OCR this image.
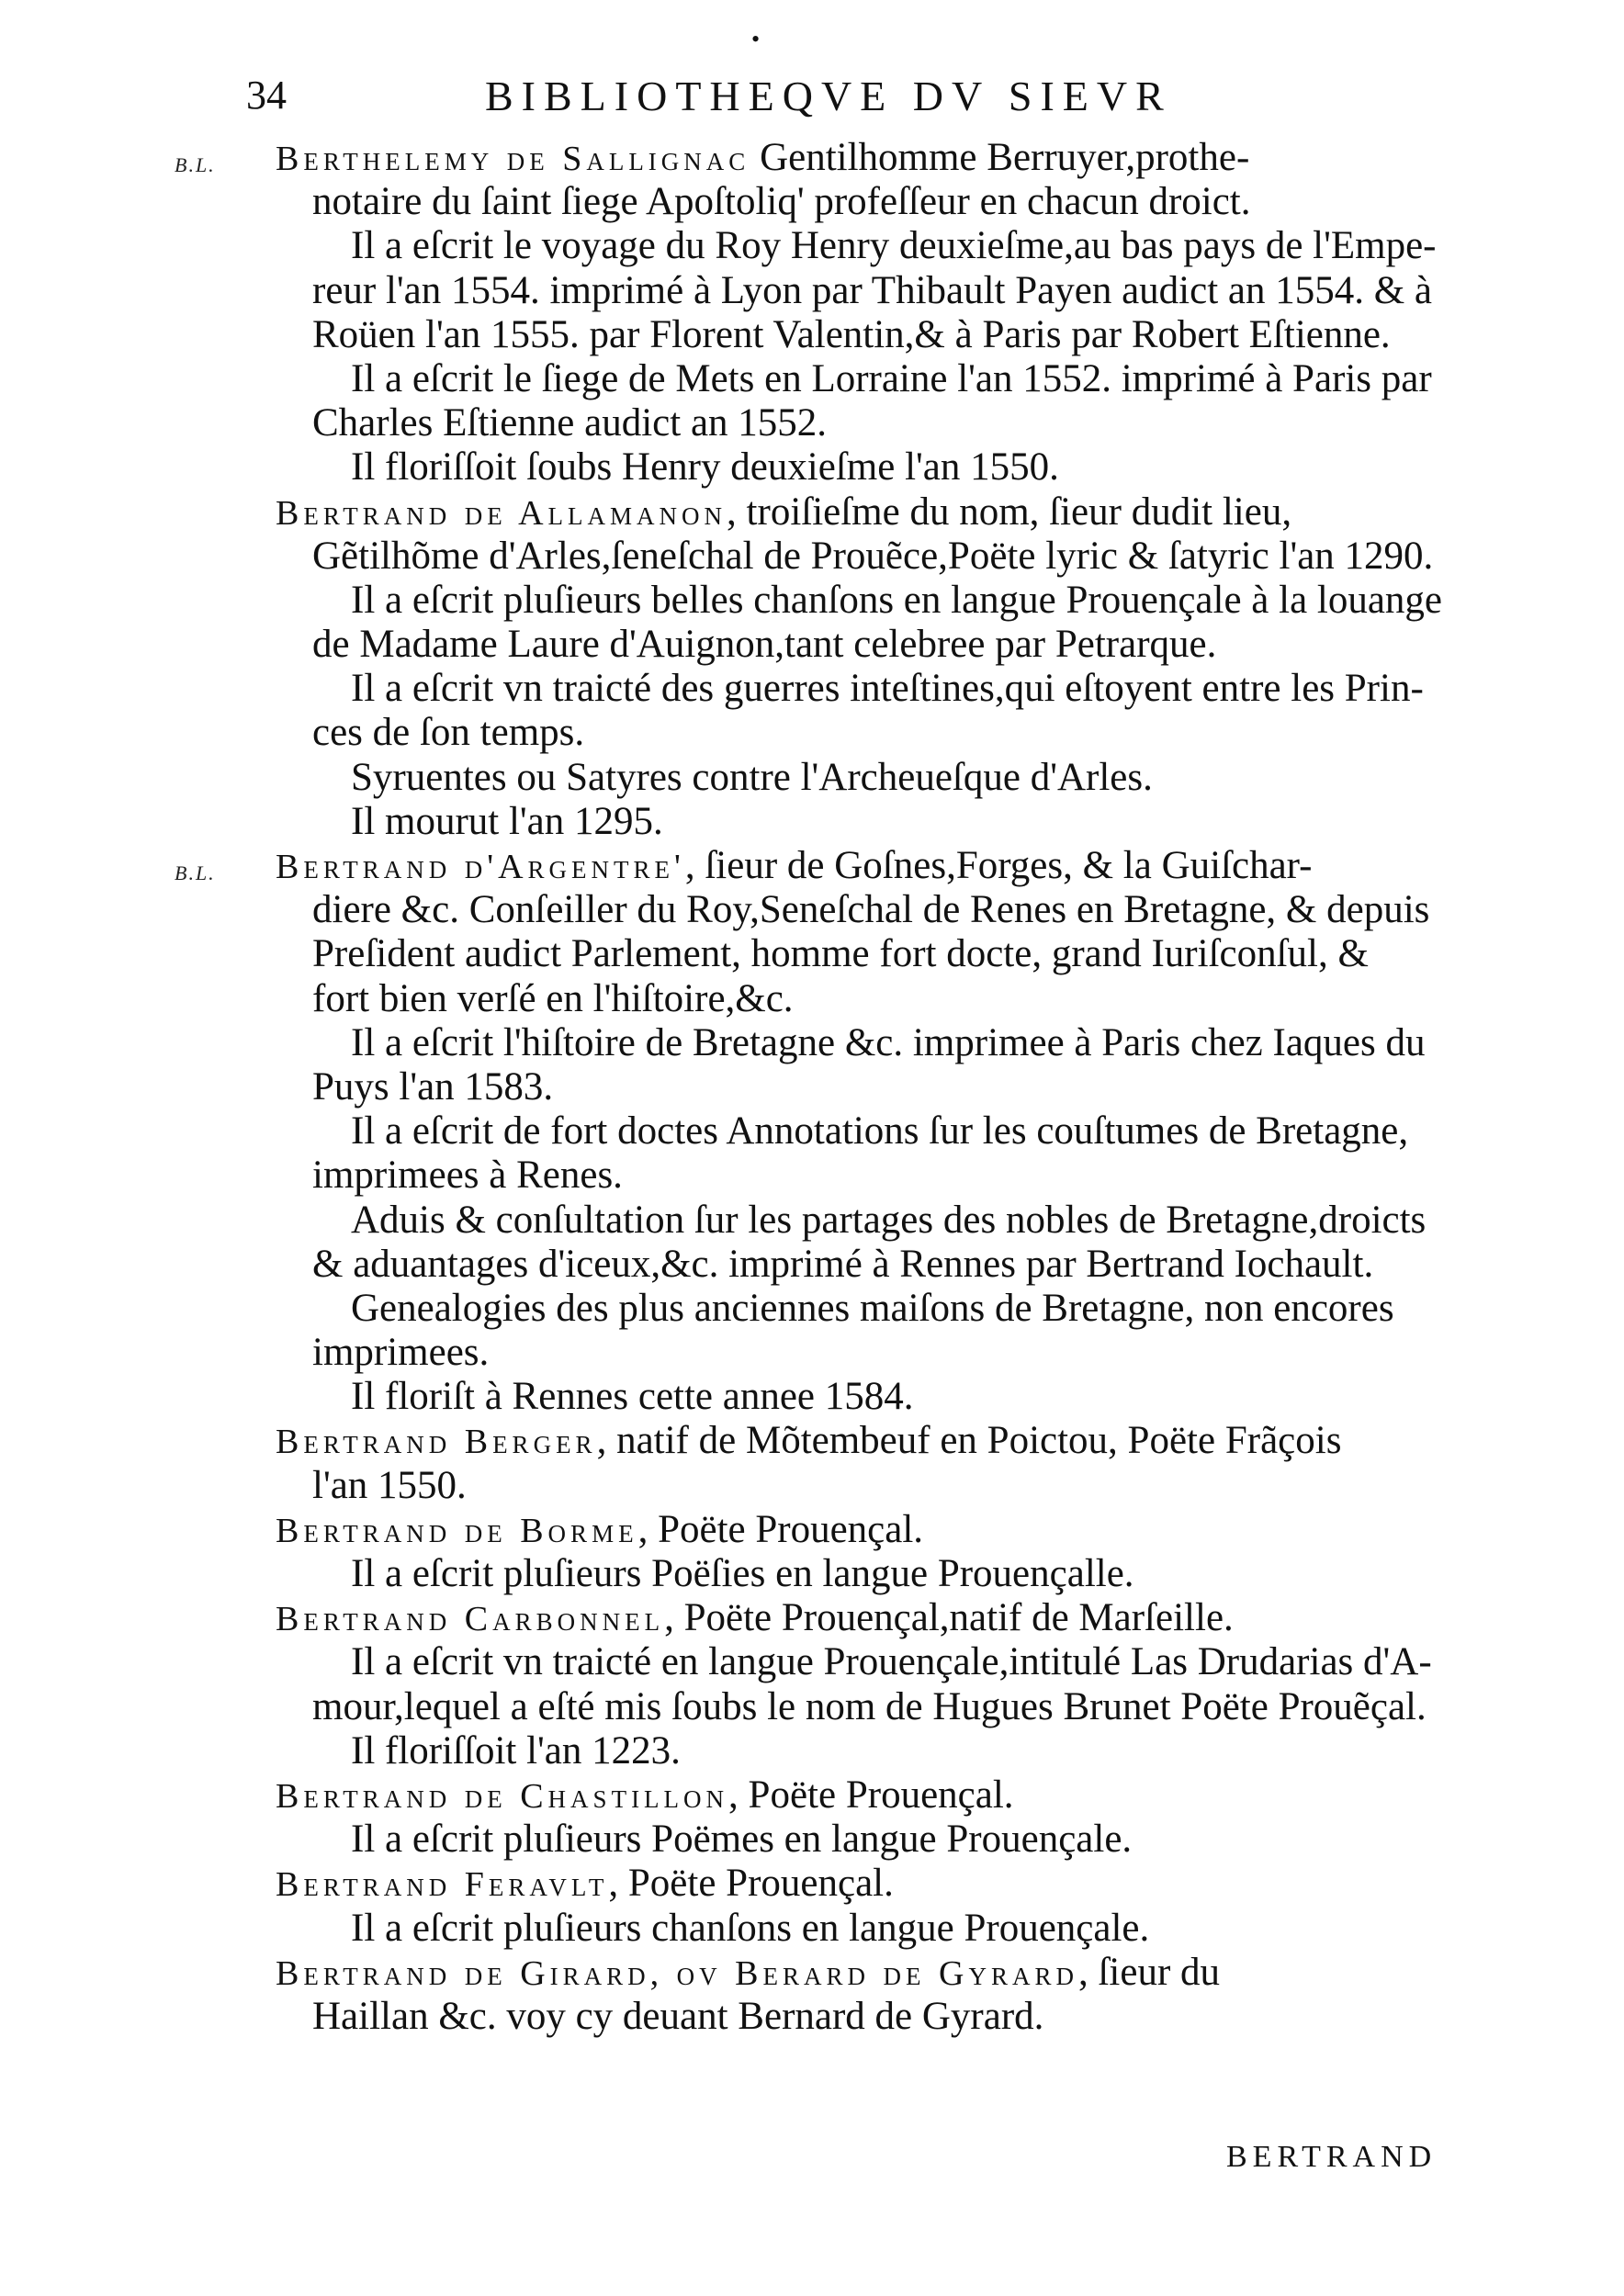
•
34	BIBLIOTHEQVE DV SIEVR
B.L. Berthelemy de Sallignac Gentilhomme Berruyer,prothe-
notaire du ſaint ſiege Apoſtoliq' profeſſeur en chacun droict.
Il a eſcrit le voyage du Roy Henry deuxieſme,au bas pays de l'Empe-
reur l'an 1554. imprimé à Lyon par Thibault Payen audict an 1554. & à
Roüen l'an 1555. par Florent Valentin,& à Paris par Robert Eſtienne.
Il a eſcrit le ſiege de Mets en Lorraine l'an 1552. imprimé à Paris par
Charles Eſtienne audict an 1552.
Il floriſſoit ſoubs Henry deuxieſme l'an 1550.
Bertrand de Allamanon, troiſieſme du nom, ſieur dudit lieu,
Gẽtilhõme d'Arles,ſeneſchal de Prouẽce,Poëte lyric & ſatyric l'an 1290.
Il a eſcrit pluſieurs belles chanſons en langue Prouençale à la louange
de Madame Laure d'Auignon,tant celebree par Petrarque.
Il a eſcrit vn traicté des guerres inteſtines,qui eſtoyent entre les Prin-
ces de ſon temps.
Syruentes ou Satyres contre l'Archeueſque d'Arles.
Il mourut l'an 1295.
B.L. Bertrand d'Argentre', ſieur de Goſnes,Forges, & la Guiſchar-
diere &c. Conſeiller du Roy,Seneſchal de Renes en Bretagne, & depuis
Preſident audict Parlement, homme fort docte, grand Iuriſconſul, &
fort bien verſé en l'hiſtoire,&c.
Il a eſcrit l'hiſtoire de Bretagne &c. imprimee à Paris chez Iaques du
Puys l'an 1583.
Il a eſcrit de fort doctes Annotations ſur les couſtumes de Bretagne,
imprimees à Renes.
Aduis & conſultation ſur les partages des nobles de Bretagne,droicts
& aduantages d'iceux,&c. imprimé à Rennes par Bertrand Iochault.
Genealogies des plus anciennes maiſons de Bretagne, non encores
imprimees.
Il floriſt à Rennes cette annee 1584.
Bertrand Berger, natif de Mõtembeuf en Poictou, Poëte Frãçois
l'an 1550.
Bertrand de Borme, Poëte Prouençal.
Il a eſcrit pluſieurs Poëſies en langue Prouençalle.
Bertrand Carbonnel, Poëte Prouençal,natif de Marſeille.
Il a eſcrit vn traicté en langue Prouençale,intitulé Las Drudarias d'A-
mour,lequel a eſté mis ſoubs le nom de Hugues Brunet Poëte Prouẽçal.
Il floriſſoit l'an 1223.
Bertrand de Chastillon, Poëte Prouençal.
Il a eſcrit pluſieurs Poëmes en langue Prouençale.
Bertrand Feravlt, Poëte Prouençal.
Il a eſcrit pluſieurs chanſons en langue Prouençale.
Bertrand de Girard, ov Berard de Gyrard, ſieur du
Haillan &c. voy cy deuant Bernard de Gyrard.
BERTRAND
